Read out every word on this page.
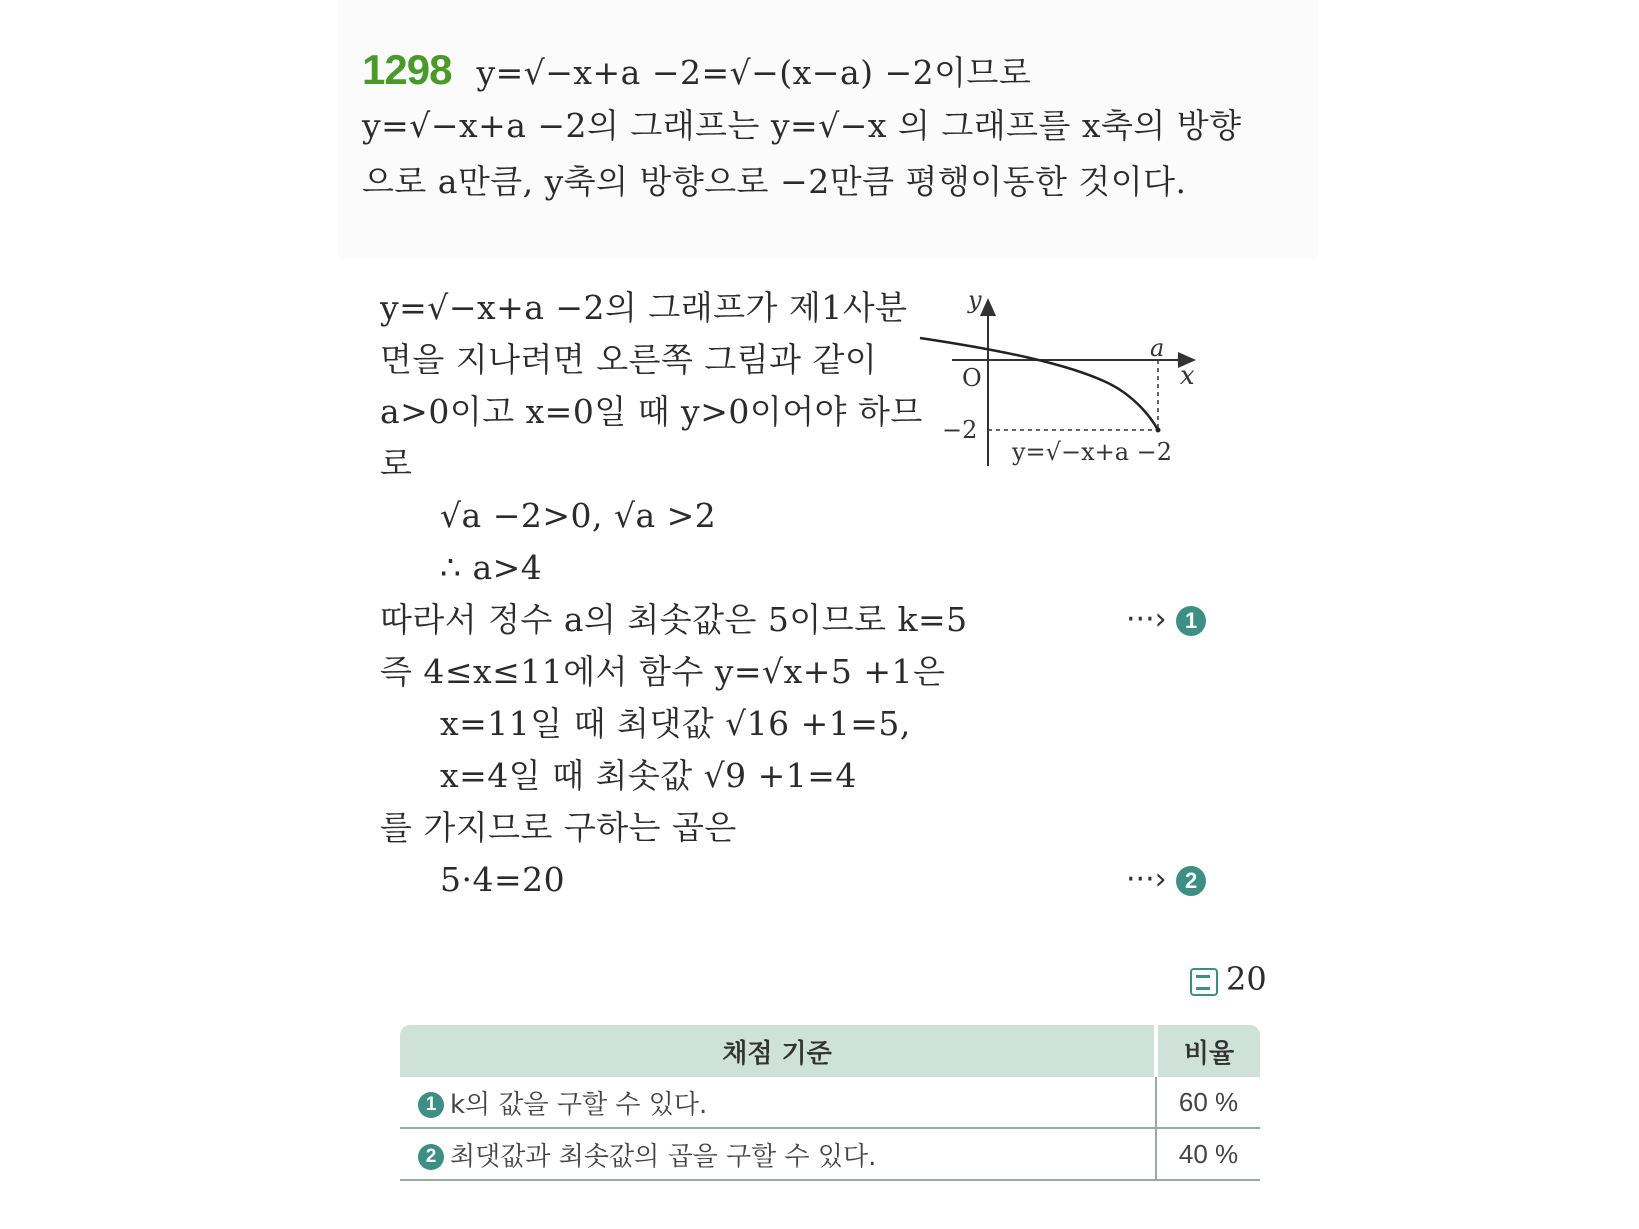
1298 y=√−x+a −2=√−(x−a) −2이므로
y=√−x+a −2의 그래프는 y=√−x 의 그래프를 x축의 방향
으로 a만큼, y축의 방향으로 −2만큼 평행이동한 것이다.
y=√−x+a −2의 그래프가 제1사분
면을 지나려면 오른쪽 그림과 같이
a>0이고 x=0일 때 y>0이어야 하므
로
√a −2>0, √a >2
∴ a>4
따라서 정수 a의 최솟값은 5이므로 k=5
즉 4≤x≤11에서 함수 y=√x+5 +1은
x=11일 때 최댓값 √16 +1=5,
x=4일 때 최솟값 √9 +1=4
를 가지므로 구하는 곱은
5·4=20
···› 1
···› 2
20
y
x
O
a
−2
y=√−x+a −2
채점 기준	비율
1 k의 값을 구할 수 있다.	60 %
2 최댓값과 최솟값의 곱을 구할 수 있다.	40 %
